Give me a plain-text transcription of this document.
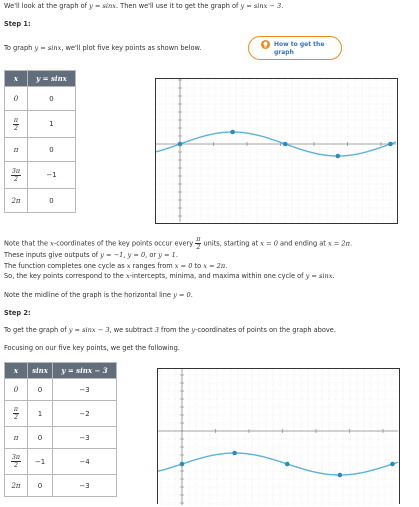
We'll look at the graph of y = sinx. Then we'll use it to get the graph of y = sinx − 3.
Step 1:
To graph y = sinx, we'll plot five key points as shown below.	How to get the graph
x	y = sinx
0	0

$\frac{\pi}{2}$	1
π	0

$\frac{3\pi}{2}$	−1
2π	0
Note that the x-coordinates of the key points occur every $\frac{\pi}{2}$ units, starting at x = 0 and ending at x = 2π.
These inputs give outputs of y = −1, y = 0, or y = 1.
The function completes one cycle as x ranges from x = 0 to x = 2π.
So, the key points correspond to the x-intercepts, minima, and maxima within one cycle of y = sinx.
Note the midline of the graph is the horizontal line y = 0.
Step 2:
To get the graph of y = sinx − 3, we subtract 3 from the y-coordinates of points on the graph above.
Focusing on our five key points, we get the following.
x	sinx	y = sinx − 3
0	0	−3

$\frac{\pi}{2}$	1	−2
π	0	−3

$\frac{3\pi}{2}$	−1	−4
2π	0	−3
